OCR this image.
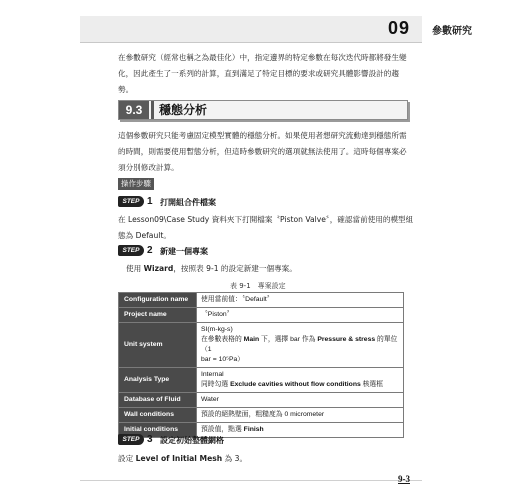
參數研究
09
在參數研究（經常也稱之為最佳化）中，指定邊界的特定參數在每次迭代時都將發生變化，因此產生了一系列的計算，直到滿足了特定目標的要求或研究具體影響設計的趨勢。
9.3	穩態分析
這個參數研究只能考慮固定模型實體的穩態分析。如果使用者想研究流動達到穩態所需的時間，則需要使用暫態分析，但這時參數研究的選項就無法使用了。這時每個專案必須分別修改計算。
操作步驟
STEP 1 打開組合件檔案
在 Lesson09\Case Study 資料夾下打開檔案〝Piston Valve〞，確認當前使用的模型組態為 Default。
STEP 2 新建一個專案
使用 Wizard，按照表 9-1 的設定新建一個專案。
表 9-1　專案設定
Configuration name	使用當前值：〝Default〞
Project name	〝Piston〞
Unit system	SI(m-kg-s)
在參數表格的 Main 下，選擇 bar 作為 Pressure & stress 的單位（1
bar = 10⁵Pa）

Analysis Type	Internal
同時勾選 Exclude cavities without flow conditions 核選框

Database of Fluid	Water
Wall conditions	預設的絕熱壁面，粗糙度為 0 micrometer
Initial conditions	預設值，點選 Finish
STEP 3 設定初始整體網格
設定 Level of Initial Mesh 為 3。
9-3
